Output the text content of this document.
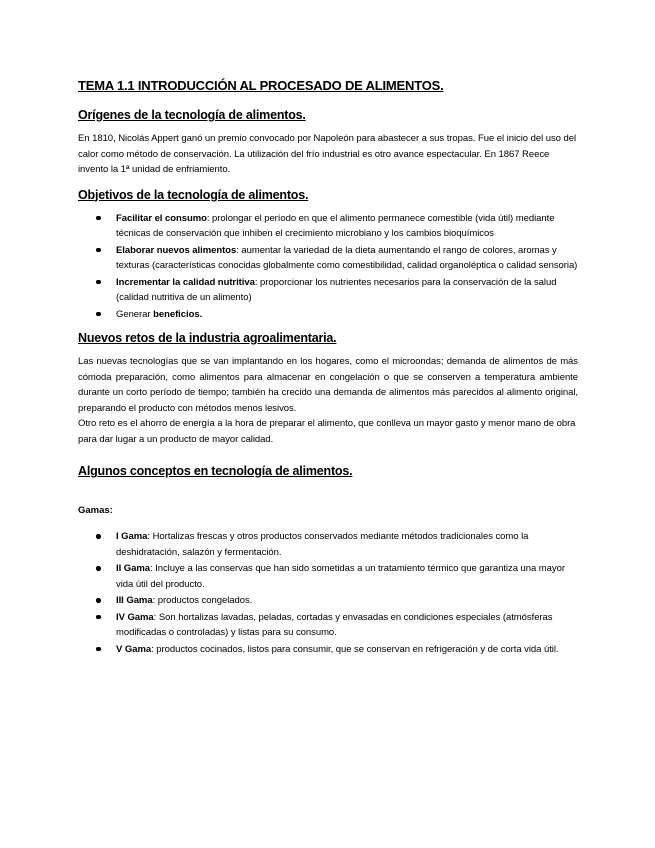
TEMA 1.1 INTRODUCCIÓN AL PROCESADO DE ALIMENTOS.
Orígenes de la tecnología de alimentos.
En 1810, Nicolás Appert ganó un premio convocado por Napoleón para abastecer a sus tropas. Fue el inicio del uso del calor como método de conservación. La utilización del frío industrial es otro avance espectacular. En 1867 Reece invento la 1ª unidad de enfriamiento.
Objetivos de la tecnología de alimentos.
Facilitar el consumo: prolongar el período en que el alimento permanece comestible (vida útil) mediante técnicas de conservación que inhiben el crecimiento microbiano y los cambios bioquímicos
Elaborar nuevos alimentos: aumentar la variedad de la dieta aumentando el rango de colores, aromas y texturas (características conocidas globalmente como comestibilidad, calidad organoléptica o calidad sensoria)
Incrementar la calidad nutritiva: proporcionar los nutrientes necesarios para la conservación de la salud (calidad nutritiva de un alimento)
Generar beneficios.
Nuevos retos de la industria agroalimentaria.
Las nuevas tecnologías que se van implantando en los hogares, como el microondas; demanda de alimentos de más cómoda preparación, como alimentos para almacenar en congelación o que se conserven a temperatura ambiente durante un corto período de tiempo; también ha crecido una demanda de alimentos más parecidos al alimento original, preparando el producto con métodos menos lesivos.
Otro reto es el ahorro de energía a la hora de preparar el alimento, que conlleva un mayor gasto y menor mano de obra para dar lugar a un producto de mayor calidad.
Algunos conceptos en tecnología de alimentos.
Gamas:
I Gama: Hortalizas frescas y otros productos conservados mediante métodos tradicionales como la deshidratación, salazón y fermentación.
II Gama: Incluye a las conservas que han sido sometidas a un tratamiento térmico que garantiza una mayor vida útil del producto.
III Gama: productos congelados.
IV Gama: Son hortalizas lavadas, peladas, cortadas y envasadas en condiciones especiales (atmósferas modificadas o controladas) y listas para su consumo.
V Gama: productos cocinados, listos para consumir, que se conservan en refrigeración y de corta vida útil.
